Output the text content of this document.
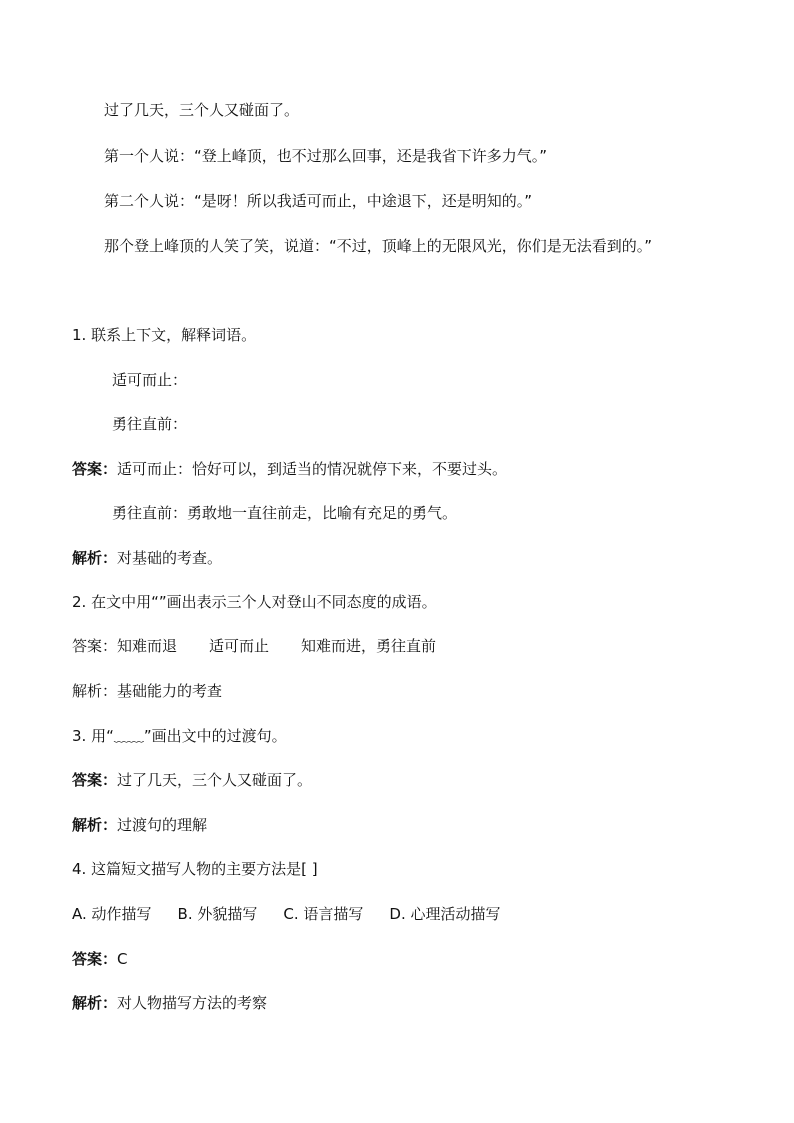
过了几天，三个人又碰面了。
第一个人说：“登上峰顶，也不过那么回事，还是我省下许多力气。”
第二个人说：“是呀！所以我适可而止，中途退下，还是明知的。”
那个登上峰顶的人笑了笑，说道：“不过，顶峰上的无限风光，你们是无法看到的。”
1. 联系上下文，解释词语。
适可而止：
勇往直前：
答案：适可而止：恰好可以，到适当的情况就停下来，不要过头。
勇往直前：勇敢地一直往前走，比喻有充足的勇气。
解析：对基础的考查。
2. 在文中用“”画出表示三个人对登山不同态度的成语。
答案：知难而退 适可而止 知难而进，勇往直前
解析：基础能力的考查
3. 用“﹏﹏”画出文中的过渡句。
答案：过了几天，三个人又碰面了。
解析：过渡句的理解
4. 这篇短文描写人物的主要方法是[ ]
A. 动作描写 B. 外貌描写 C. 语言描写 D. 心理活动描写
答案：C
解析：对人物描写方法的考察
